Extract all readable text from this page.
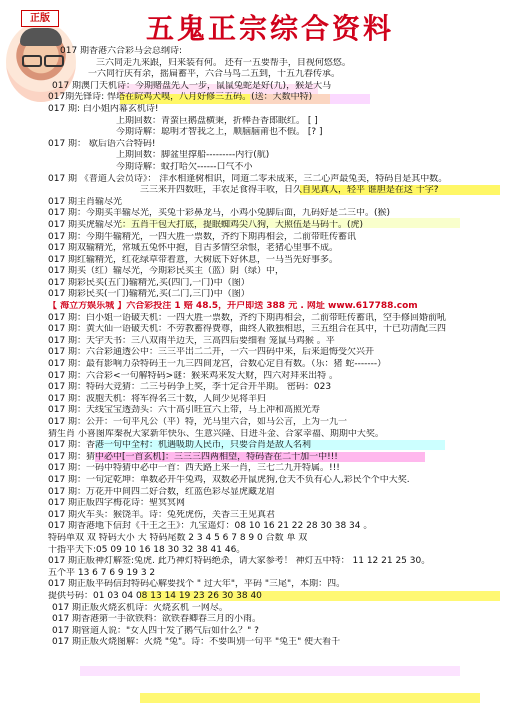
正版	五鬼正宗综合资料
017 期香港六合彩马会总纲诗:
三六同走九来跟，归来装有何。 还有一五要帮手，目视何悠悠。
一六同行庆有余，摇扁蓄平，六合马鸟二五到，十五九春传承。
017 期澳门天机诗：今期赌盘先人一步，鼠鼠兔蛇是好(九)，猴是大马
017期先锋诗: 悍塔在院鸡犬嗅，八月好修三五码。(送：大数中特)
017 期: 白小姐内幕玄机诗!
上期回数：青蛮巨鹅盘横秉，折棒吾香郎眠红。 [ ]
今期诗解：聪明才智我之上，顺脑脑莆也不假。 [? ]
017 期： 歇后语六合特码!
上期回数：脚盆里撑船---------内行(航)
今期诗解：蚊打哈欠------口气不小
017 期 《普道人会员诗》： 洋水相逢树相识，同道二零未成来，三二心声最兔美，特码自是其中数。
三三来开四数旺，丰农足食得丰收，日久自见真人，轻平 谁胆是在这 十字?
017 期主肖输尽光
017 期：今期买羊输尽光，买兔十彩鼻龙马，小鸡小兔脚后面，九码好是二三中。(猴)
017 期买虎输尽光：五肖干包大打底，提眠蜘鸡尖八狗，大照伍是马码十。(虎)
017 期：今期牛输精光，一四大胜一票数，齐约下期再相会，二前带旺传蓄讯
017 期双输精光，常城五兔怀中抱，自古多情空余恨，老猪心里事不成。
017 期红输精光，红花绿草带着意，大树底下好休息，一马当先好事多。
017 期买（红）输尽光，今期彩民买主（蓝）阴（绿）中，
017 期彩民买(五门)输精光,买(四门,一门)中（图）
017 期彩民买(一门)输精光,买(二门,三门)中（图）
【 海立方娱乐城 】六合彩投注 1 赔 48.5，开户即送 388 元 . 网址 www.617788.com
017 期：白小姐一语破天机：一四大胜一票数，齐约下期再相会，二前带旺传蓄讯，空手修回婚前吼
017 期：黄大仙一语破天机：不劳教蓄得费尊，曲终人散独相思，三五组合在其中，十已功清配三四
017 期：天宇天书：三八双雨半边天，三高四后要细看 笼鼠马鸡猴 。平
017 期：六合彩通透公中：三三平出二二开，一六一四码中来，后来追悔受欠兴开
017 期：最有影响力杂特码王一九三四间龙宫，合数心定自有数。（乐：猪 蛇-------）
017 期：六合彩<一句解特码>谜：猴来鸡来发大财，四六对拜来出特 。
017 期：特码大竞猜：二三号码争上奖，李十定合开半期。 密码：023
017 期：波胞天机：将军得名三十数，人间少见将羊归
017 期：天线宝宝透劲头：六十高引旺宣六上带，马上冲和高照光寿
017 期：公开：一句平凡公（平）特，光马里六合，如马公言，上为一九一
猜生肖 小喜图库秦祝大家新年快乐、生意兴隆、日进斗金、合家幸福、期期中大奖。
017 期：香港一句中全村：机遇吸助人民币，只要合肖是敌人名利
017 期：猜中必中[一首玄机]：三三三四两相望，特码香在二十加一中!!!
017 期：一码中特猜中必中一首：西天路上来一肖，三七二九开特属。!!!
017 期：一句定乾坤：单数必开牛兔鸡，双数必开鼠虎狗,仓天不负有心人,彩民个个中大奖.
017 期：万花开中间四二好合数，红蓝色彩尽显虎藏龙眉
017 期正版四字梅花诗：聖冥冥网
017 期火车头：猴饶羊。诗：兔死虎伤，关香三王见真君
017 期香港地下信封《千王之王》：九宝遥灯：08 10 16 21 22 28 30 38 34 。
特码单双 双 特码大小 大 特码尾数 2 3 4 5 6 7 8 9 0 合数 单 双
十指平天下:05 09 10 16 18 30 32 38 41 46。
017 期正版神灯解签:兔虎. 此乃神灯特码绝杀，请大家参考！ 神灯五中特： 11 12 21 25 30。
五个平 13 6 7 6 9 19 3 2
017 期正版平码信封特码心解要找个 " 过大年"，平码 "三尾"，本期：四。
提供号码：01 03 04 08 13 14 19 23 26 30 38 40
017 期正版火烧玄机诗：火烧玄机 一网尽。
017 期香港第一手欲铁料：欲铁春卿春三月的小雨。
017 期管道人说："女人四十发了鹅气后如什么？" ?
017 期正版火烧图解：火烧 "兔"。诗：不要叫别一句平 "兔王" 使大看千
